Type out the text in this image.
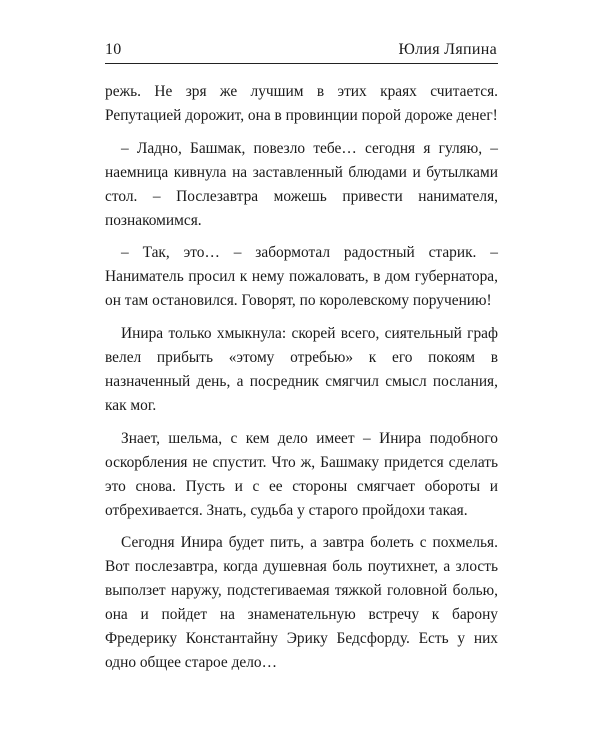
10	Юлия Ляпина

режь. Не зря же лучшим в этих краях считается. Репутацией дорожит, она в провинции порой дороже денег!

– Ладно, Башмак, повезло тебе… сегодня я гуляю, – наемница кивнула на заставленный блюдами и бутылками стол. – Послезавтра можешь привести нанимателя, познакомимся.

– Так, это… – забормотал радостный старик. – Наниматель просил к нему пожаловать, в дом губернатора, он там остановился. Говорят, по королевскому поручению!

Инира только хмыкнула: скорей всего, сиятельный граф велел прибыть «этому отребью» к его покоям в назначенный день, а посредник смягчил смысл послания, как мог.

Знает, шельма, с кем дело имеет – Инира подобного оскорбления не спустит. Что ж, Башмаку придется сделать это снова. Пусть и с ее стороны смягчает обороты и отбрехивается. Знать, судьба у старого пройдохи такая.

Сегодня Инира будет пить, а завтра болеть с похмелья. Вот послезавтра, когда душевная боль поутихнет, а злость выползет наружу, подстегиваемая тяжкой головной болью, она и пойдет на знаменательную встречу к барону Фредерику Константайну Эрику Бедсфорду. Есть у них одно общее старое дело…
